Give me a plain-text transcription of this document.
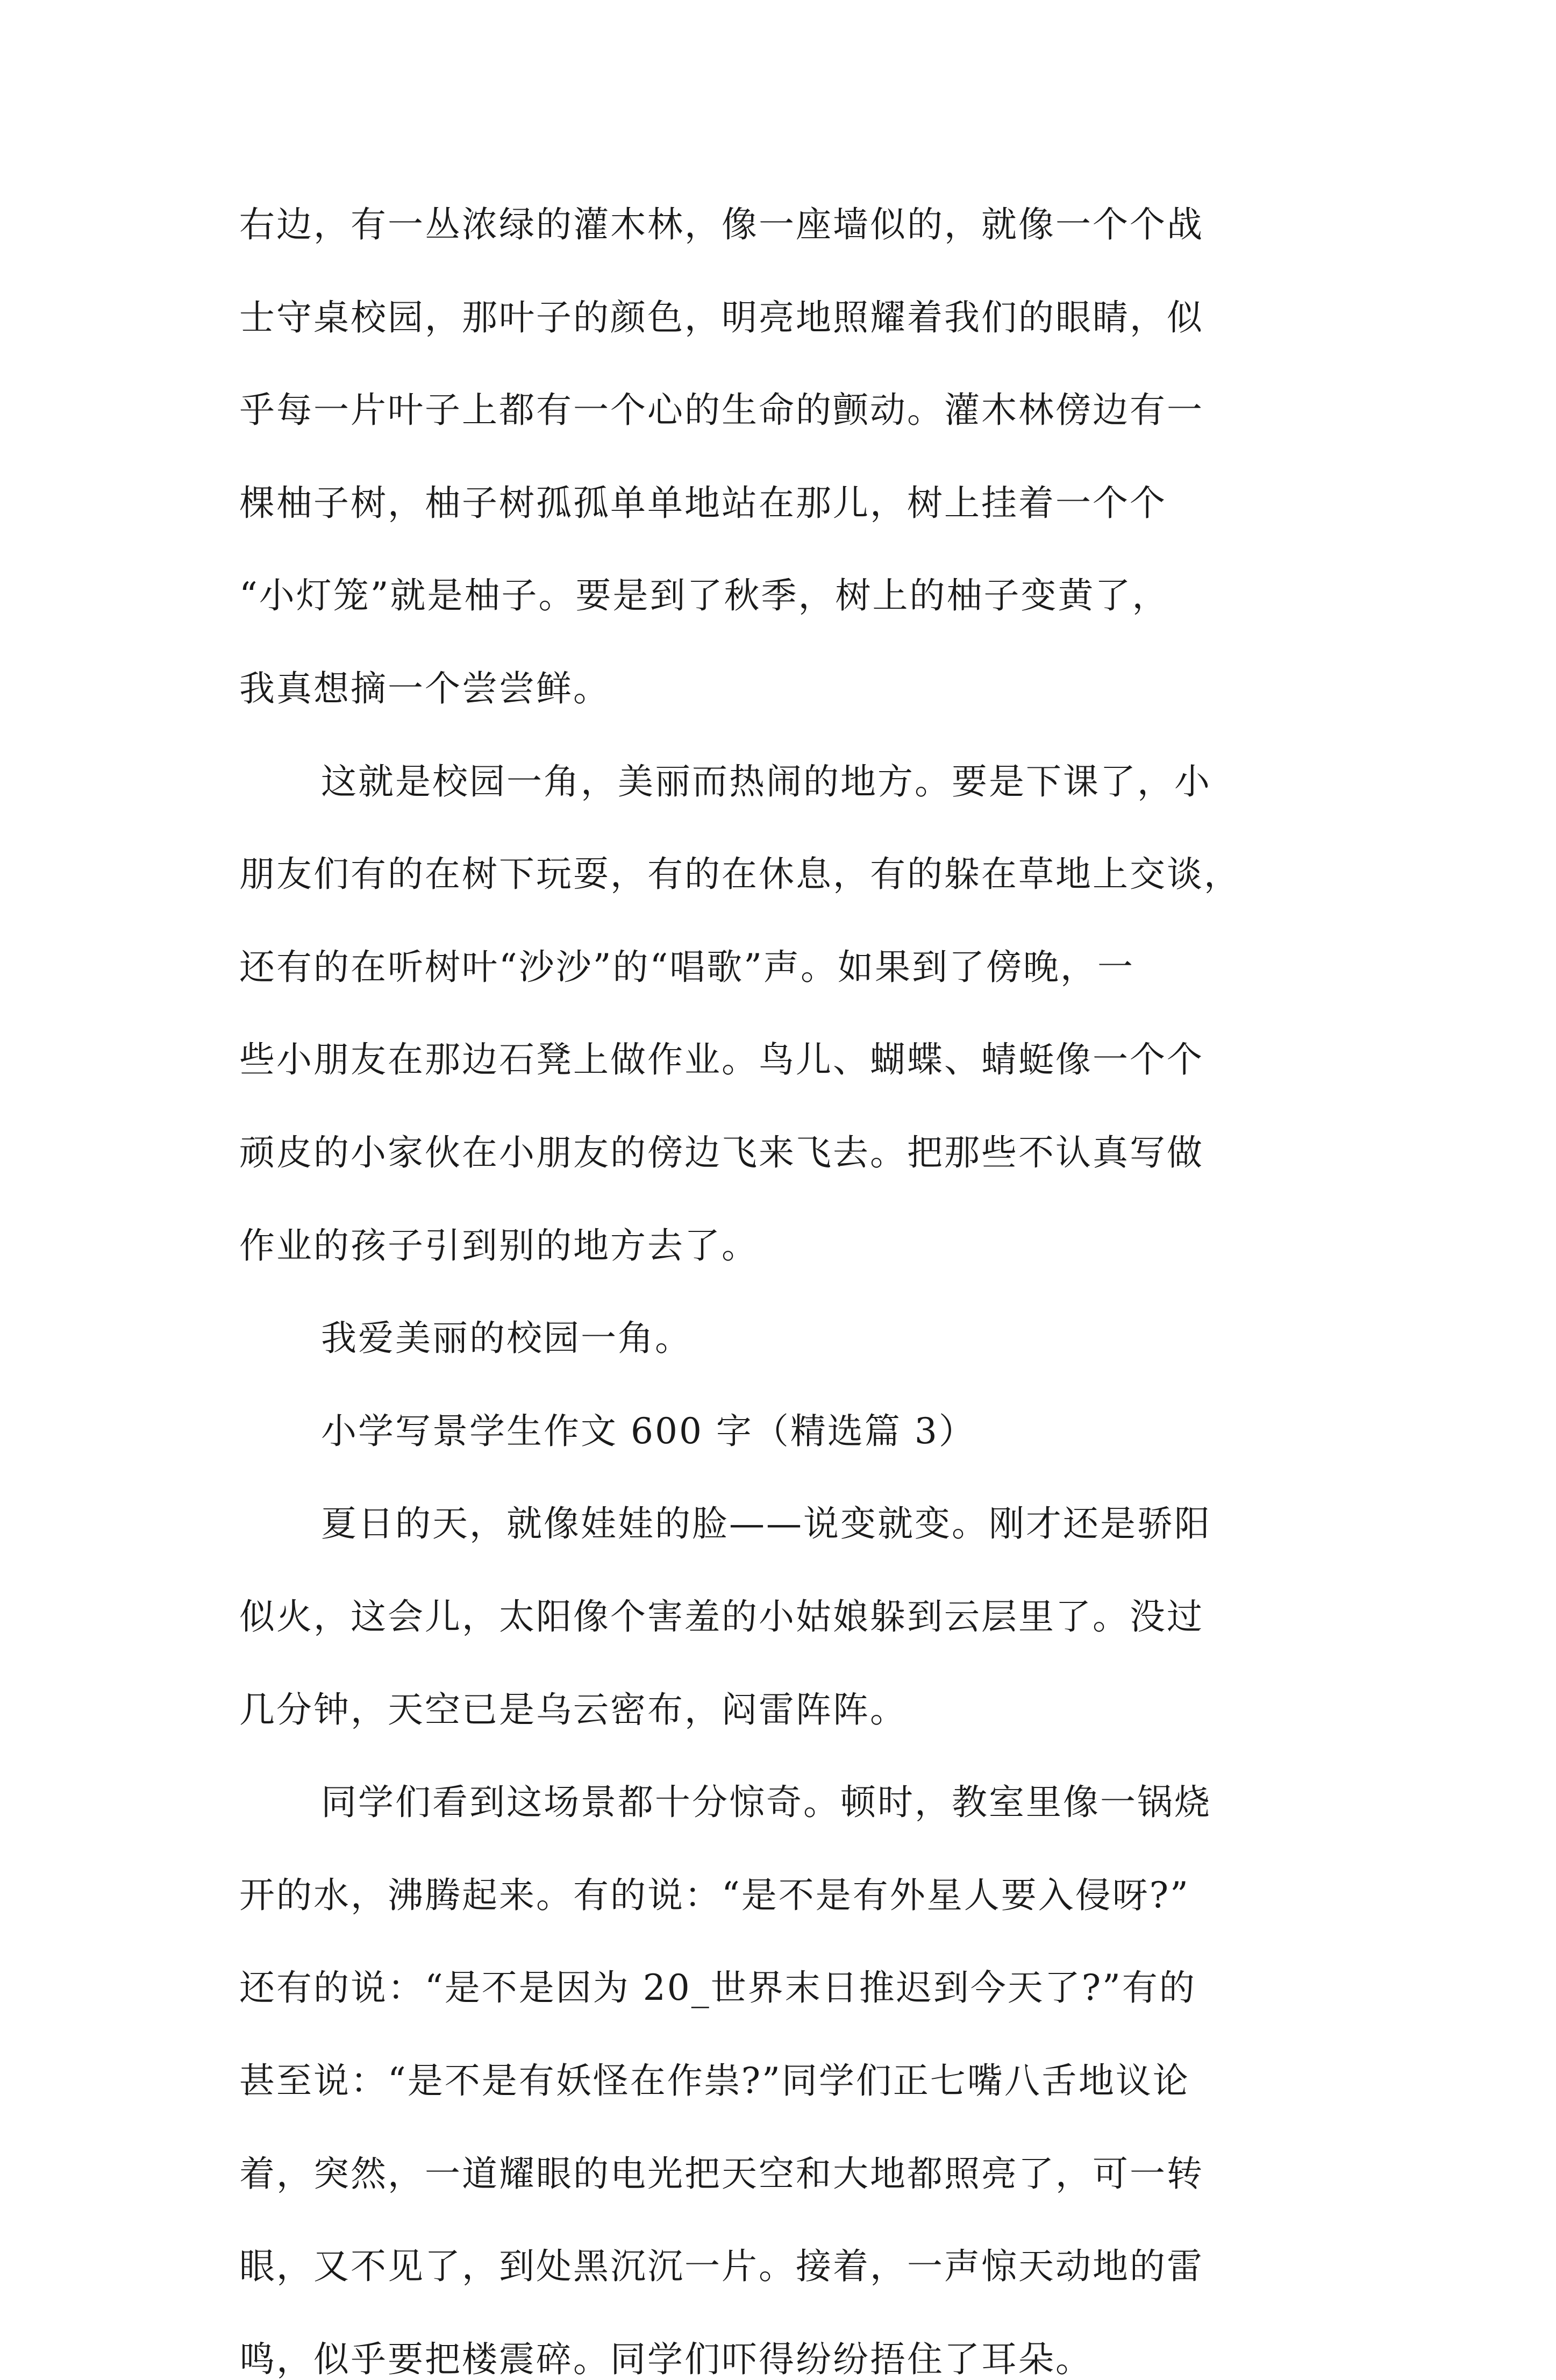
右边，有一丛浓绿的灌木林，像一座墙似的，就像一个个战
士守桌校园，那叶子的颜色，明亮地照耀着我们的眼睛，似
乎每一片叶子上都有一个心的生命的颤动。灌木林傍边有一
棵柚子树，柚子树孤孤单单地站在那儿，树上挂着一个个
“小灯笼”就是柚子。要是到了秋季，树上的柚子变黄了，
我真想摘一个尝尝鲜。
这就是校园一角，美丽而热闹的地方。要是下课了，小
朋友们有的在树下玩耍，有的在休息，有的躲在草地上交谈，
还有的在听树叶“沙沙”的“唱歌”声。如果到了傍晚，一
些小朋友在那边石凳上做作业。鸟儿、蝴蝶、蜻蜓像一个个
顽皮的小家伙在小朋友的傍边飞来飞去。把那些不认真写做
作业的孩子引到别的地方去了。
我爱美丽的校园一角。
小学写景学生作文 600 字（精选篇 3）
夏日的天，就像娃娃的脸——说变就变。刚才还是骄阳
似火，这会儿，太阳像个害羞的小姑娘躲到云层里了。没过
几分钟，天空已是乌云密布，闷雷阵阵。
同学们看到这场景都十分惊奇。顿时，教室里像一锅烧
开的水，沸腾起来。有的说：“是不是有外星人要入侵呀?”
还有的说：“是不是因为 20_世界末日推迟到今天了?”有的
甚至说：“是不是有妖怪在作祟?”同学们正七嘴八舌地议论
着，突然，一道耀眼的电光把天空和大地都照亮了，可一转
眼，又不见了，到处黑沉沉一片。接着，一声惊天动地的雷
鸣，似乎要把楼震碎。同学们吓得纷纷捂住了耳朵。
